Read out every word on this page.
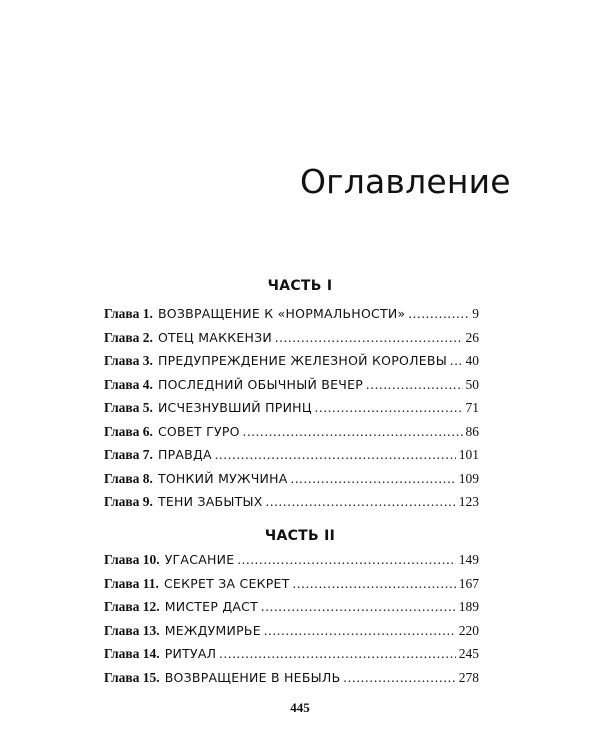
Оглавление
ЧАСТЬ I
Глава 1. ВОЗВРАЩЕНИЕ К «НОРМАЛЬНОСТИ» . . .	9
Глава 2. ОТЕЦ МАККЕНЗИ . . .	26
Глава 3. ПРЕДУПРЕЖДЕНИЕ ЖЕЛЕЗНОЙ КОРОЛЕВЫ . . . 40
Глава 4. ПОСЛЕДНИЙ ОБЫЧНЫЙ ВЕЧЕР . . .	50
Глава 5. ИСЧЕЗНУВШИЙ ПРИНЦ . . .	71
Глава 6. СОВЕТ ГУРО . . .	86
Глава 7. ПРАВДА . . .	101
Глава 8. ТОНКИЙ МУЖЧИНА . . .	109
Глава 9. ТЕНИ ЗАБЫТЫХ . . .	123
ЧАСТЬ II
Глава 10. УГАСАНИЕ . . .	149
Глава 11. СЕКРЕТ ЗА СЕКРЕТ . . .	167
Глава 12. МИСТЕР ДАСТ . . .	189
Глава 13. МЕЖДУМИРЬЕ . . .	220
Глава 14. РИТУАЛ . . .	245
Глава 15. ВОЗВРАЩЕНИЕ В НЕБЫЛЬ . . .	278
445
